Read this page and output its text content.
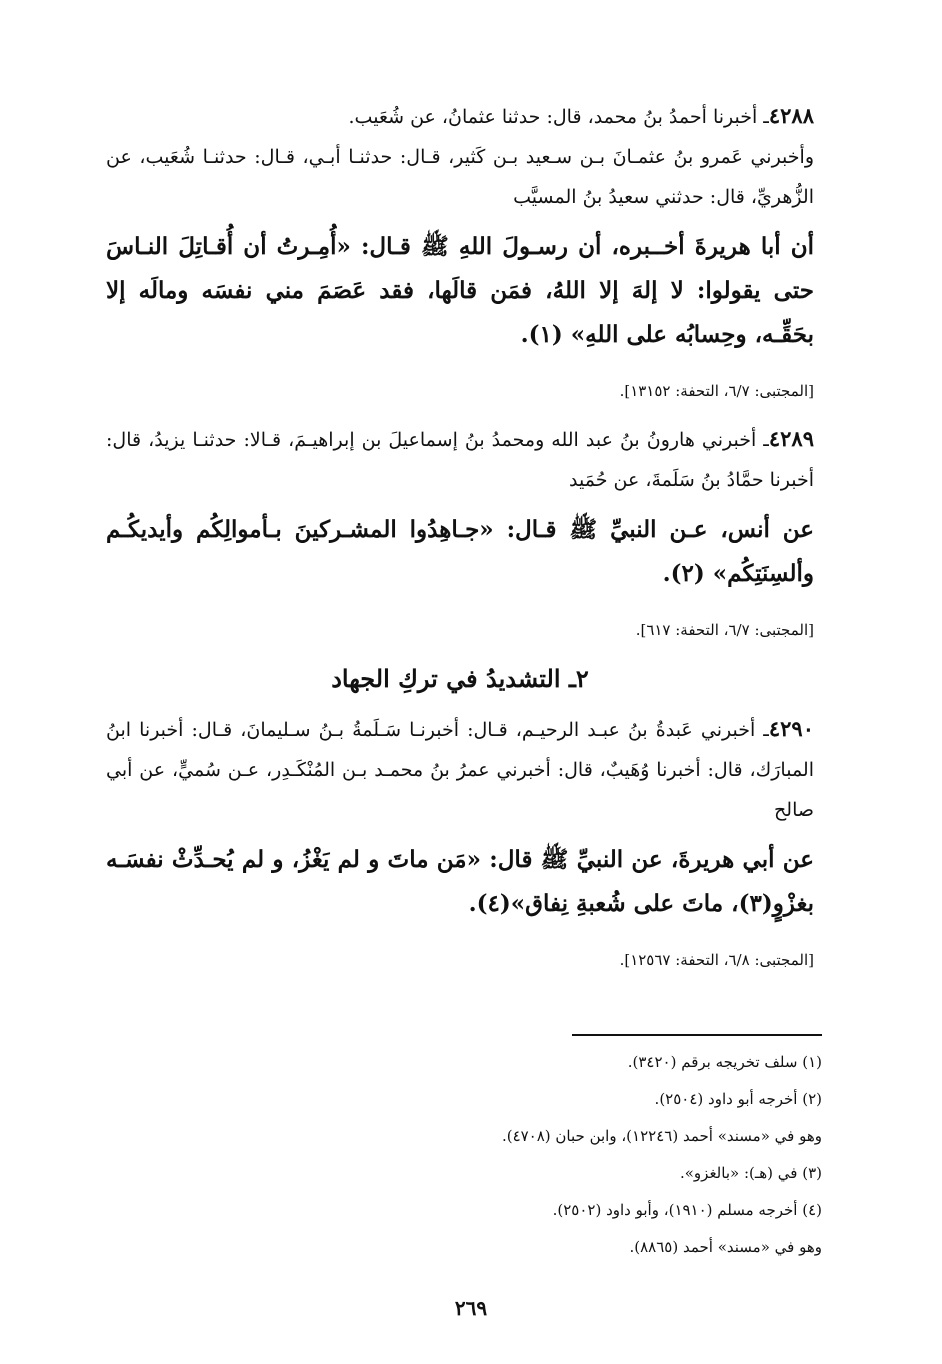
٤٢٨٨ـ أخبرنا أحمدُ بنُ محمد، قال: حدثنا عثمانُ، عن شُعَيب.

وأخبرني عَمرو بنُ عثمـانَ بـن سـعيد بـن كَثير، قـال: حدثنـا أبـي، قـال: حدثنـا شُعَيب، عن الزُّهريِّ، قال: حدثني سعيدُ بنُ المسيَّب

أن أبا هريرةَ أخــبره، أن رسـولَ اللهِ ﷺ قـال: «أُمِـرتُ أن أُقـاتِلَ النـاسَ حتى يقولوا: لا إلهَ إلا اللهُ، فمَن قالَها، فقد عَصَمَ مني نفسَه ومالَه إلا بحَقِّـه، وحِسابُه على اللهِ» (١).

[المجتبى: ٦/٧، التحفة: ١٣١٥٢].

٤٢٨٩ـ أخبرني هارونُ بنُ عبد الله ومحمدُ بنُ إسماعيلَ بن إبراهيـمَ، قـالا: حدثنـا يزيدُ، قال: أخبرنا حمَّادُ بنُ سَلَمةَ، عن حُمَيد

عن أنس، عـن النبيِّ ﷺ قـال: «جـاهِدُوا المشـركينَ بـأموالِكُم وأيديكُـم وألسِنَتِكُم» (٢).

[المجتبى: ٦/٧، التحفة: ٦١٧].

٢ـ التشديدُ في تركِ الجهاد

٤٢٩٠ـ أخبرني عَبدةُ بنُ عبـد الرحيـم، قـال: أخبرنـا سَـلَمةُ بـنُ سـليمانَ، قـال: أخبرنا ابنُ المبارَك، قال: أخبرنا وُهَيبٌ، قال: أخبرني عمرُ بنُ محمـد بـن المُنْكَـدِر، عـن سُميٍّ، عن أبي صالح

عن أبي هريرةَ، عن النبيِّ ﷺ قال: «مَن ماتَ و لم يَغْزُ، و لم يُحـدِّثْ نفسَـه بغزْوٍ(٣)، ماتَ على شُعبةِ نِفاق»(٤).

[المجتبى: ٦/٨، التحفة: ١٢٥٦٧].

(١) سلف تخريجه برقم (٣٤٢٠).

(٢) أخرجه أبو داود (٢٥٠٤).

وهو في «مسند» أحمد (١٢٢٤٦)، وابن حبان (٤٧٠٨).

(٣) في (هـ): «بالغزو».

(٤) أخرجه مسلم (١٩١٠)، وأبو داود (٢٥٠٢).

وهو في «مسند» أحمد (٨٨٦٥).

٢٦٩
